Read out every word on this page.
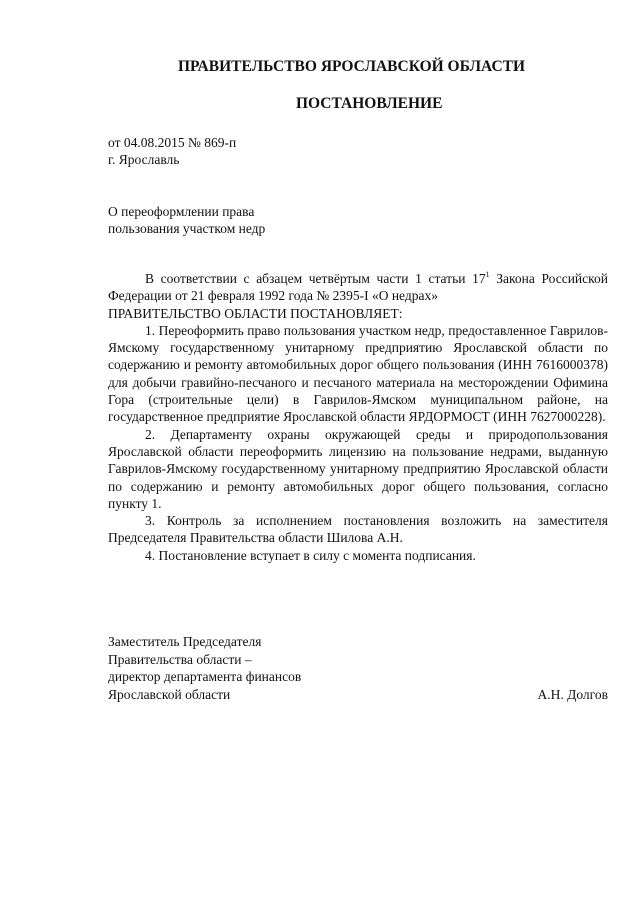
ПРАВИТЕЛЬСТВО ЯРОСЛАВСКОЙ ОБЛАСТИ
ПОСТАНОВЛЕНИЕ
от 04.08.2015 № 869-п
г. Ярославль
О переоформлении права
пользования участком недр

В соответствии с абзацем четвёртым части 1 статьи $17^1$ Закона Российской Федерации от 21 февраля 1992 года № 2395-I «О недрах»

ПРАВИТЕЛЬСТВО ОБЛАСТИ ПОСТАНОВЛЯЕТ:

1. Переоформить право пользования участком недр, предоставленное Гаврилов-Ямскому государственному унитарному предприятию Ярославской области по содержанию и ремонту автомобильных дорог общего пользования (ИНН 7616000378) для добычи гравийно-песчаного и песчаного материала на месторождении Офимина Гора (строительные цели) в Гаврилов-Ямском муниципальном районе, на государственное предприятие Ярославской области ЯРДОРМОСТ (ИНН 7627000228).

2. Департаменту охраны окружающей среды и природопользования Ярославской области переоформить лицензию на пользование недрами, выданную Гаврилов-Ямскому государственному унитарному предприятию Ярославской области по содержанию и ремонту автомобильных дорог общего пользования, согласно пункту 1.

3. Контроль за исполнением постановления возложить на заместителя Председателя Правительства области Шилова А.Н.

4. Постановление вступает в силу с момента подписания.

Заместитель Председателя
Правительства области –
директор департамента финансов
Ярославской области	А.Н. Долгов
